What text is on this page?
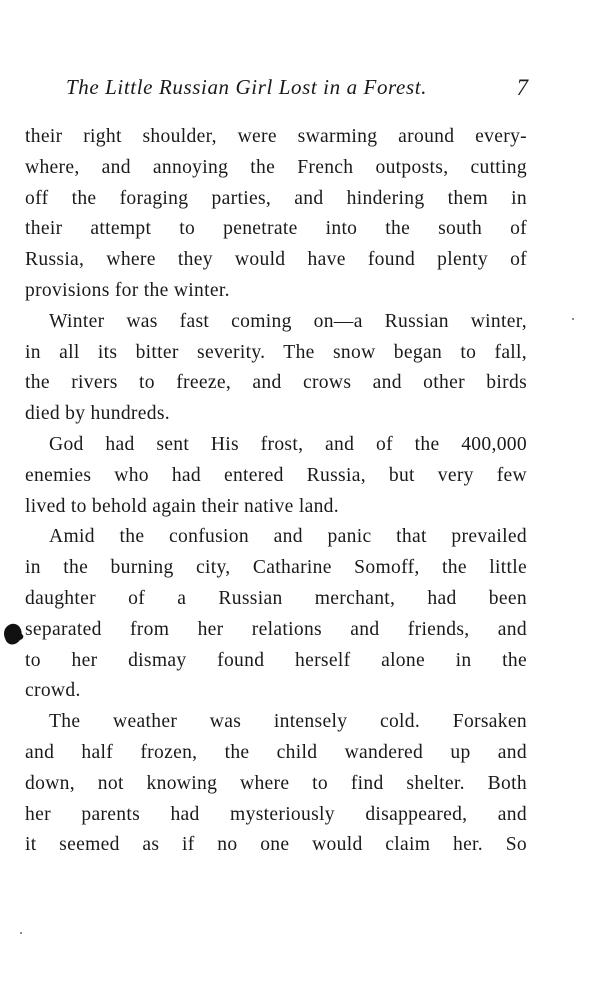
The Little Russian Girl Lost in a Forest.	7
their right shoulder, were swarming around every-
where, and annoying the French outposts, cutting
off the foraging parties, and hindering them in
their attempt to penetrate into the south of
Russia, where they would have found plenty of
provisions for the winter.
Winter was fast coming on—a Russian winter,
in all its bitter severity. The snow began to fall,
the rivers to freeze, and crows and other birds
died by hundreds.
God had sent His frost, and of the 400,000
enemies who had entered Russia, but very few
lived to behold again their native land.
Amid the confusion and panic that prevailed
in the burning city, Catharine Somoff, the little
daughter of a Russian merchant, had been
separated from her relations and friends, and
to her dismay found herself alone in the
crowd.
The weather was intensely cold. Forsaken
and half frozen, the child wandered up and
down, not knowing where to find shelter. Both
her parents had mysteriously disappeared, and
it seemed as if no one would claim her. So
